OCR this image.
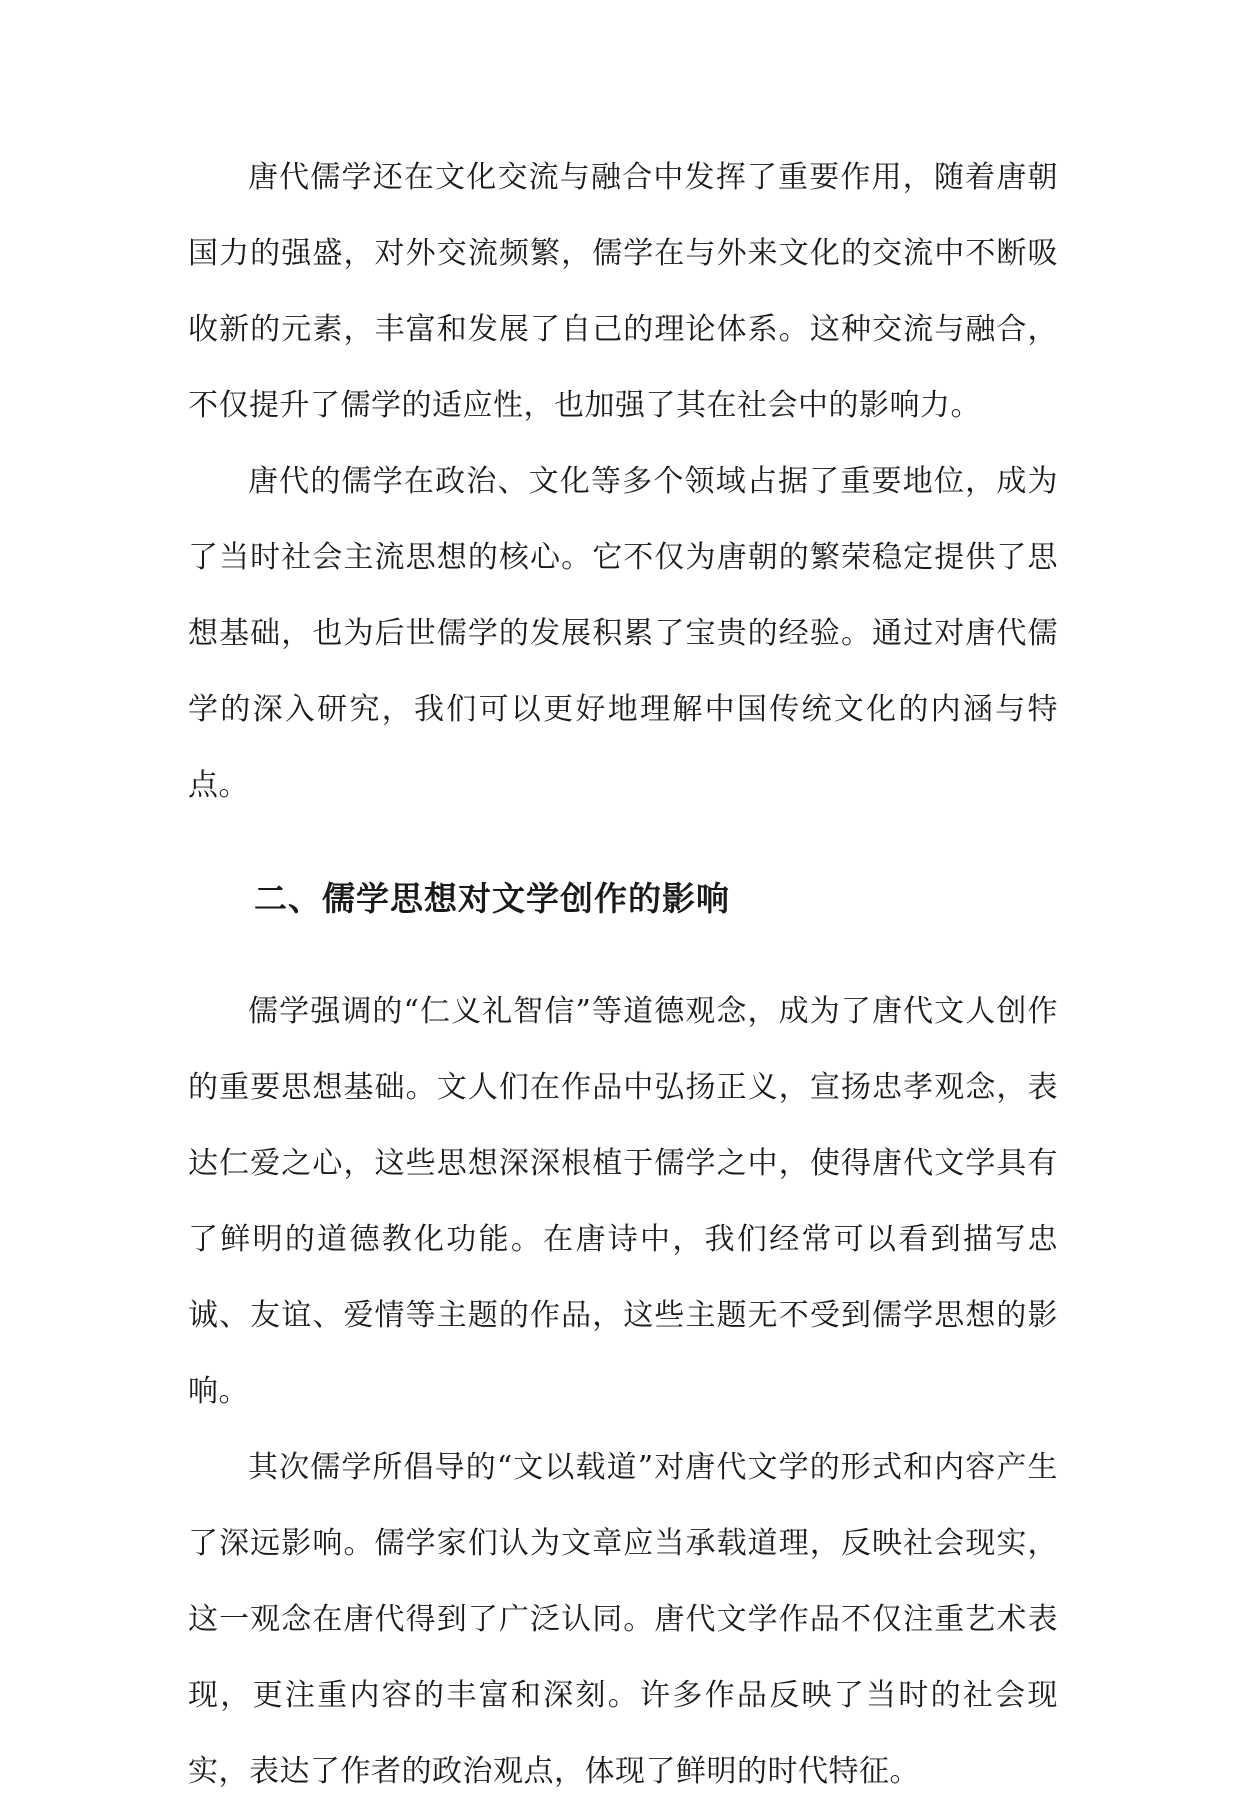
唐代儒学还在文化交流与融合中发挥了重要作用，随着唐朝国力的强盛，对外交流频繁，儒学在与外来文化的交流中不断吸收新的元素，丰富和发展了自己的理论体系。这种交流与融合，不仅提升了儒学的适应性，也加强了其在社会中的影响力。

唐代的儒学在政治、文化等多个领域占据了重要地位，成为了当时社会主流思想的核心。它不仅为唐朝的繁荣稳定提供了思想基础，也为后世儒学的发展积累了宝贵的经验。通过对唐代儒学的深入研究，我们可以更好地理解中国传统文化的内涵与特点。

二、儒学思想对文学创作的影响

儒学强调的“仁义礼智信”等道德观念，成为了唐代文人创作的重要思想基础。文人们在作品中弘扬正义，宣扬忠孝观念，表达仁爱之心，这些思想深深根植于儒学之中，使得唐代文学具有了鲜明的道德教化功能。在唐诗中，我们经常可以看到描写忠诚、友谊、爱情等主题的作品，这些主题无不受到儒学思想的影响。

其次儒学所倡导的“文以载道”对唐代文学的形式和内容产生了深远影响。儒学家们认为文章应当承载道理，反映社会现实，这一观念在唐代得到了广泛认同。唐代文学作品不仅注重艺术表现，更注重内容的丰富和深刻。许多作品反映了当时的社会现实，表达了作者的政治观点，体现了鲜明的时代特征。
